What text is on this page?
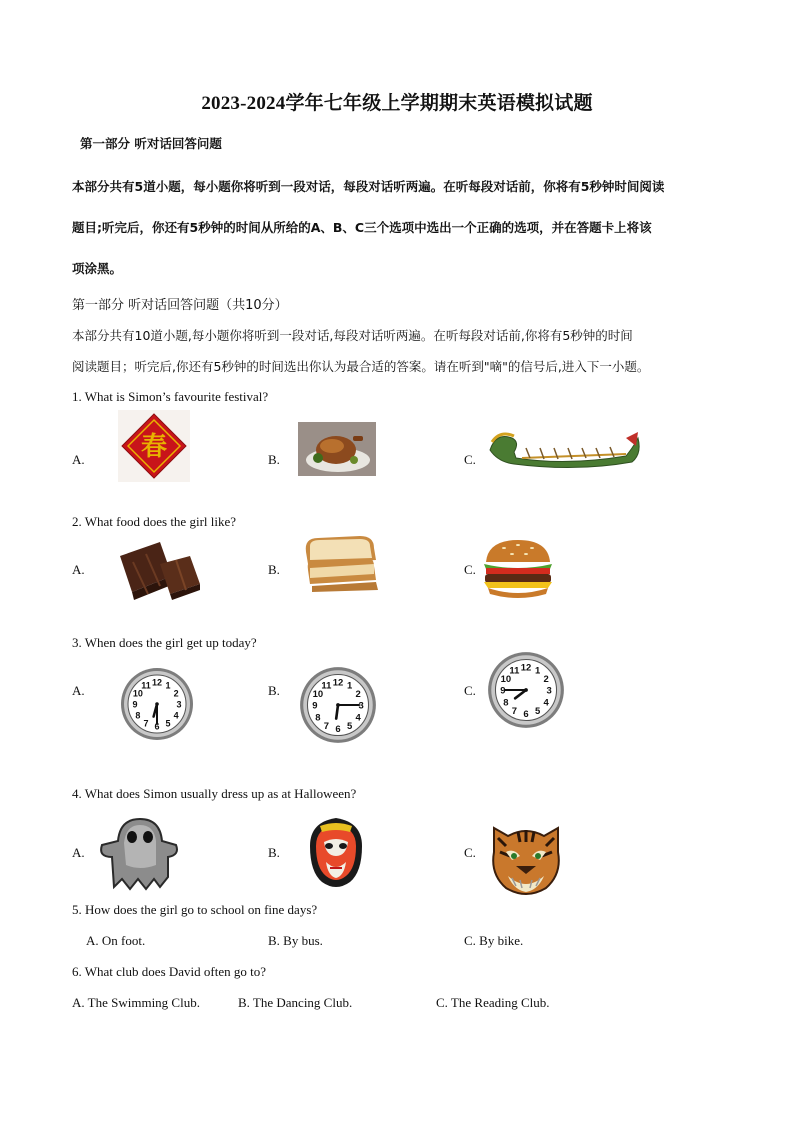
2023-2024学年七年级上学期期末英语模拟试题
第一部分 听对话回答问题
本部分共有5道小题，每小题你将听到一段对话，每段对话听两遍。在听每段对话前，你将有5秒钟时间阅读
题目;听完后，你还有5秒钟的时间从所给的A、B、C三个选项中选出一个正确的选项，并在答题卡上将该
项涂黑。
第一部分 听对话回答问题（共10分）
本部分共有10道小题,每小题你将听到一段对话,每段对话听两遍。在听每段对话前,你将有5秒钟的时间
阅读题目；听完后,你还有5秒钟的时间选出你认为最合适的答案。请在听到"嘀"的信号后,进入下一小题。
1. What is Simon’s favourite festival?
A.	B.	C.
春
2. What food does the girl like?
A.	B.	C.
3. When does the girl get up today?
A.	B.	C.
12 1
2
3
4
5
6
7
8
9
10
11	12 1
2
3
4
5
6
7
8
9
10
11
12 1
2
3
4
5
6
7
8
9
10
11
4. What does Simon usually dress up as at Halloween?
A.	B.	C.
5. How does the girl go to school on fine days?
A. On foot.	B. By bus.	C. By bike.
6. What club does David often go to?
A. The Swimming Club.	B. The Dancing Club.	C. The Reading Club.
